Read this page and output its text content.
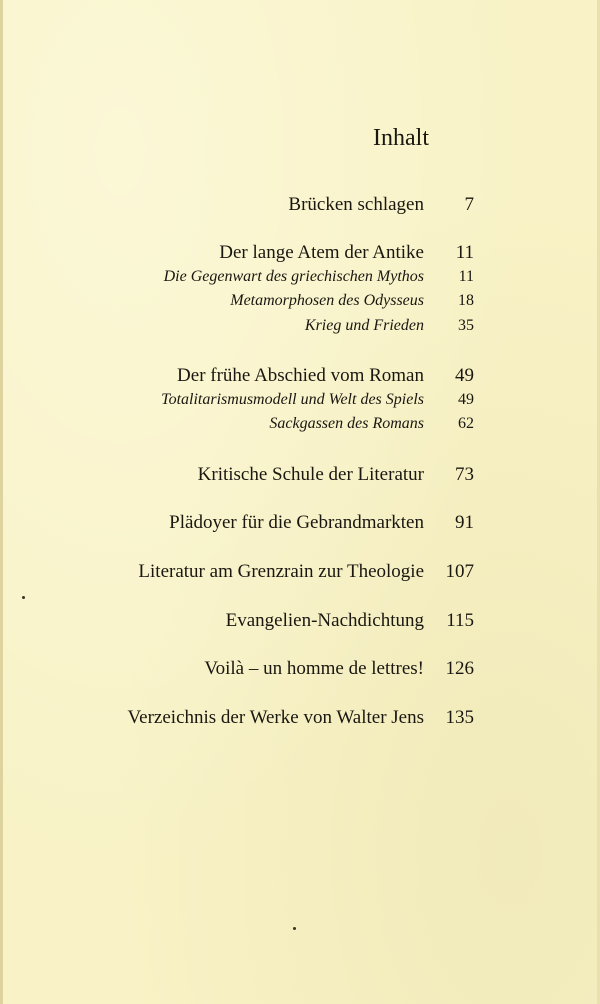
Inhalt
Brücken schlagen 7
Der lange Atem der Antike 11
Die Gegenwart des griechischen Mythos 11
Metamorphosen des Odysseus 18
Krieg und Frieden 35
Der frühe Abschied vom Roman 49
Totalitarismusmodell und Welt des Spiels 49
Sackgassen des Romans 62
Kritische Schule der Literatur 73
Plädoyer für die Gebrandmarkten 91
Literatur am Grenzrain zur Theologie 107
Evangelien-Nachdichtung 115
Voilà – un homme de lettres! 126
Verzeichnis der Werke von Walter Jens 135
